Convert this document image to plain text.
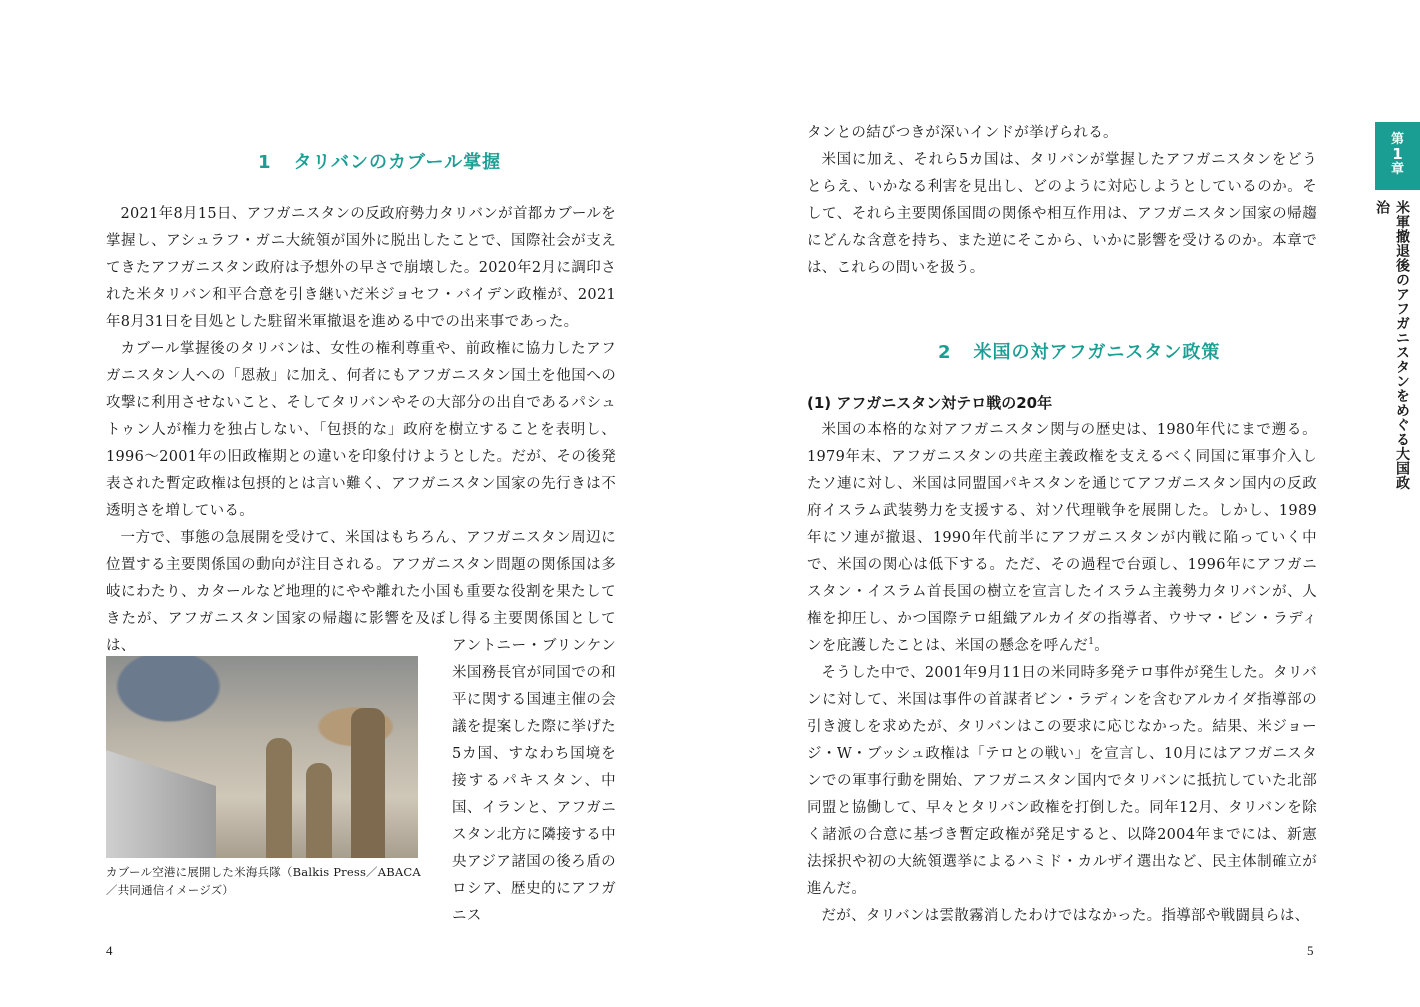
1 タリバンのカブール掌握

2021年8月15日、アフガニスタンの反政府勢力タリバンが首都カブールを掌握し、アシュラフ・ガニ大統領が国外に脱出したことで、国際社会が支えてきたアフガニスタン政府は予想外の早さで崩壊した。2020年2月に調印された米タリバン和平合意を引き継いだ米ジョセフ・バイデン政権が、2021年8月31日を目処とした駐留米軍撤退を進める中での出来事であった。

カブール掌握後のタリバンは、女性の権利尊重や、前政権に協力したアフガニスタン人への「恩赦」に加え、何者にもアフガニスタン国土を他国への攻撃に利用させないこと、そしてタリバンやその大部分の出自であるパシュトゥン人が権力を独占しない、「包摂的な」政府を樹立することを表明し、1996～2001年の旧政権期との違いを印象付けようとした。だが、その後発表された暫定政権は包摂的とは言い難く、アフガニスタン国家の先行きは不透明さを増している。

一方で、事態の急展開を受けて、米国はもちろん、アフガニスタン周辺に位置する主要関係国の動向が注目される。アフガニスタン問題の関係国は多岐にわたり、カタールなど地理的にやや離れた小国も重要な役割を果たしてきたが、アフガニスタン国家の帰趨に影響を及ぼし得る主要関係国としては、

カブール空港に展開した米海兵隊（Balkis Press／ABACA／共同通信イメージズ）

アントニー・ブリンケン米国務長官が同国での和平に関する国連主催の会議を提案した際に挙げた5カ国、すなわち国境を接するパキスタン、中国、イランと、アフガニスタン北方に隣接する中央アジア諸国の後ろ盾のロシア、歴史的にアフガニス

4

タンとの結びつきが深いインドが挙げられる。

米国に加え、それら5カ国は、タリバンが掌握したアフガニスタンをどうとらえ、いかなる利害を見出し、どのように対応しようとしているのか。そして、それら主要関係国間の関係や相互作用は、アフガニスタン国家の帰趨にどんな含意を持ち、また逆にそこから、いかに影響を受けるのか。本章では、これらの問いを扱う。

2 米国の対アフガニスタン政策

(1) アフガニスタン対テロ戦の20年

米国の本格的な対アフガニスタン関与の歴史は、1980年代にまで遡る。1979年末、アフガニスタンの共産主義政権を支えるべく同国に軍事介入したソ連に対し、米国は同盟国パキスタンを通じてアフガニスタン国内の反政府イスラム武装勢力を支援する、対ソ代理戦争を展開した。しかし、1989年にソ連が撤退、1990年代前半にアフガニスタンが内戦に陥っていく中で、米国の関心は低下する。ただ、その過程で台頭し、1996年にアフガニスタン・イスラム首長国の樹立を宣言したイスラム主義勢力タリバンが、人権を抑圧し、かつ国際テロ組織アルカイダの指導者、ウサマ・ビン・ラディンを庇護したことは、米国の懸念を呼んだ$^1$。

そうした中で、2001年9月11日の米同時多発テロ事件が発生した。タリバンに対して、米国は事件の首謀者ビン・ラディンを含むアルカイダ指導部の引き渡しを求めたが、タリバンはこの要求に応じなかった。結果、米ジョージ・W・ブッシュ政権は「テロとの戦い」を宣言し、10月にはアフガニスタンでの軍事行動を開始、アフガニスタン国内でタリバンに抵抗していた北部同盟と協働して、早々とタリバン政権を打倒した。同年12月、タリバンを除く諸派の合意に基づき暫定政権が発足すると、以降2004年までには、新憲法採択や初の大統領選挙によるハミド・カルザイ選出など、民主体制確立が進んだ。

だが、タリバンは雲散霧消したわけではなかった。指導部や戦闘員らは、

5

第
1
章
米軍撤退後のアフガニスタンをめぐる大国政治
